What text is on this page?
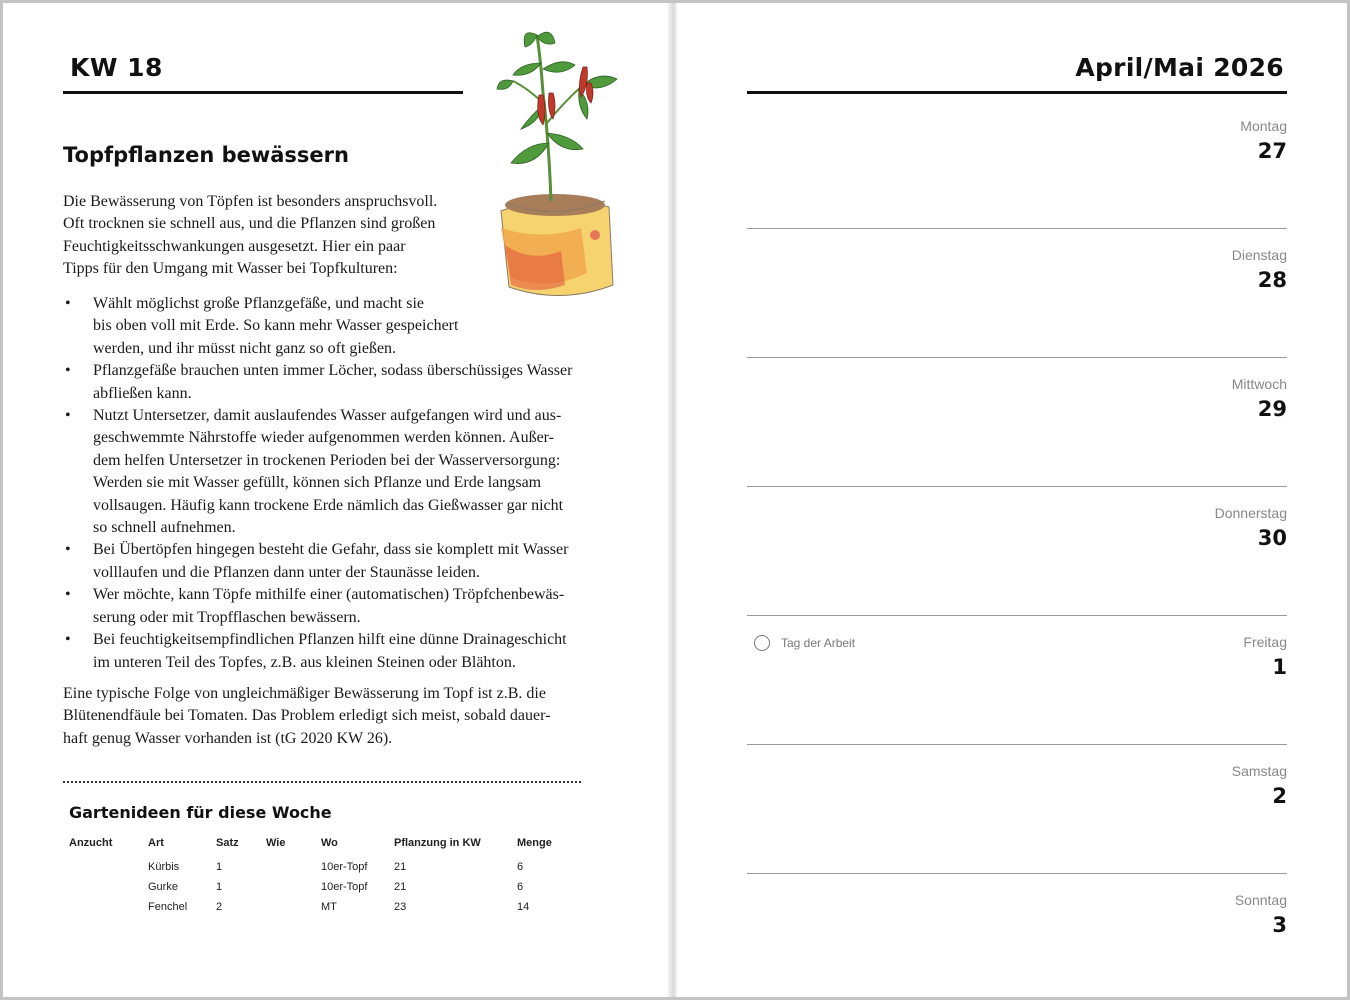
KW 18
Topfpflanzen bewässern
Die Bewässerung von Töpfen ist besonders anspruchsvoll.
Oft trocknen sie schnell aus, und die Pflanzen sind großen
Feuchtigkeitsschwankungen ausgesetzt. Hier ein paar
Tipps für den Umgang mit Wasser bei Topfkulturen:
• Wählt möglichst große Pflanzgefäße, und macht sie
bis oben voll mit Erde. So kann mehr Wasser gespeichert
werden, und ihr müsst nicht ganz so oft gießen.
• Pflanzgefäße brauchen unten immer Löcher, sodass überschüssiges Wasser
abfließen kann.
• Nutzt Untersetzer, damit auslaufendes Wasser aufgefangen wird und aus-
geschwemmte Nährstoffe wieder aufgenommen werden können. Außer-
dem helfen Untersetzer in trockenen Perioden bei der Wasserversorgung:
Werden sie mit Wasser gefüllt, können sich Pflanze und Erde langsam
vollsaugen. Häufig kann trockene Erde nämlich das Gießwasser gar nicht
so schnell aufnehmen.
• Bei Übertöpfen hingegen besteht die Gefahr, dass sie komplett mit Wasser
volllaufen und die Pflanzen dann unter der Staunässe leiden.
• Wer möchte, kann Töpfe mithilfe einer (automatischen) Tröpfchenbewäs-
serung oder mit Tropfflaschen bewässern.
• Bei feuchtigkeitsempfindlichen Pflanzen hilft eine dünne Drainageschicht
im unteren Teil des Topfes, z.B. aus kleinen Steinen oder Blähton.
Eine typische Folge von ungleichmäßiger Bewässerung im Topf ist z.B. die
Blütenendfäule bei Tomaten. Das Problem erledigt sich meist, sobald dauer-
haft genug Wasser vorhanden ist (tG 2020 KW 26).
Gartenideen für diese Woche
Anzucht	Art	Satz	Wie	Wo	Pflanzung in KW	Menge
	Kürbis	1		10er-Topf	21	6
	Gurke	1		10er-Topf	21	6
	Fenchel	2		MT	23	14
April/Mai 2026
Montag
27
Dienstag
28
Mittwoch
29
Donnerstag
30
Tag der Arbeit	Freitag
1
Samstag
2
Sonntag
3
